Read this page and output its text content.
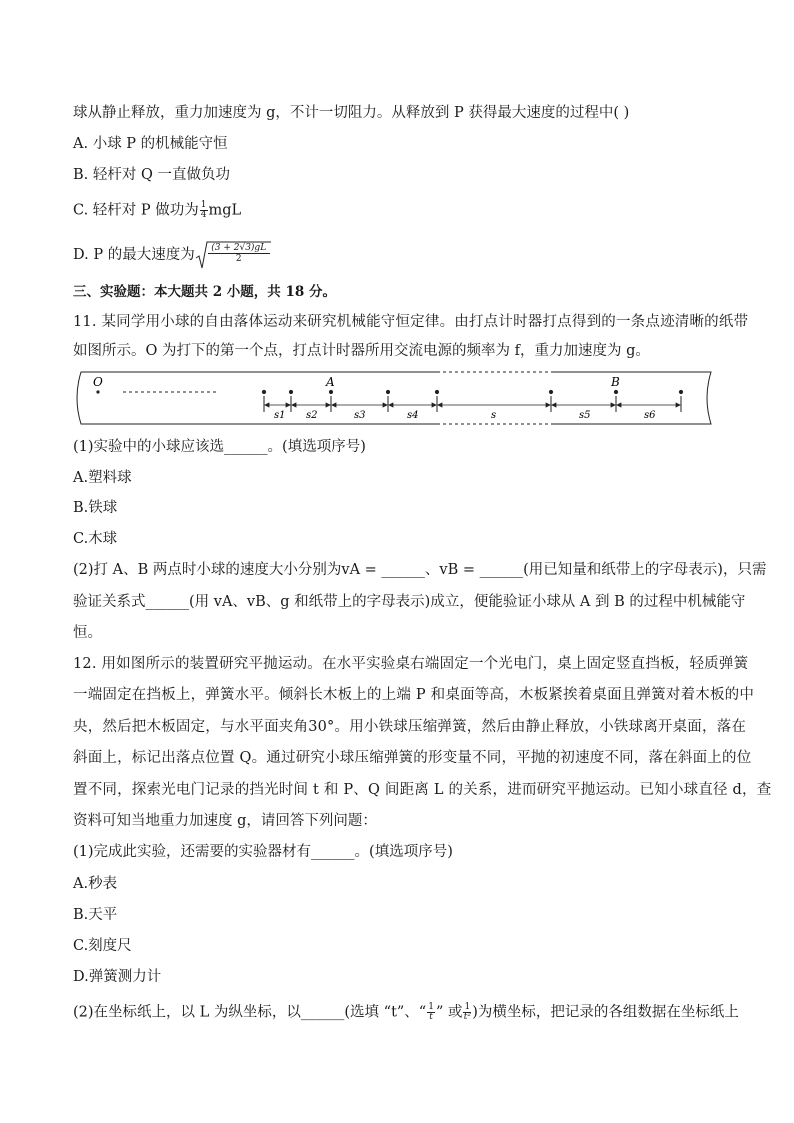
球从静止释放，重力加速度为 g，不计一切阻力。从释放到 P 获得最大速度的过程中( )
A. 小球 P 的机械能守恒
B. 轻杆对 Q 一直做负功
C. 轻杆对 P 做功为 $\frac{1}{4}$ mgL
D. P 的最大速度为 $\frac{(3 + 2√3)gL}{2}$
三、实验题：本大题共 2 小题，共 18 分。
11. 某同学用小球的自由落体运动来研究机械能守恒定律。由打点计时器打点得到的一条点迹清晰的纸带
如图所示。O 为打下的第一个点，打点计时器所用交流电源的频率为 f，重力加速度为 g。
O	A	B
s1 s2	s3	s4	s	s5	s6
(1)实验中的小球应该选______。(填选项序号)
A.塑料球
B.铁球
C.木球
(2)打 A、B 两点时小球的速度大小分别为vA = ______、vB = ______(用已知量和纸带上的字母表示)，只需
验证关系式______(用 vA、vB、g 和纸带上的字母表示)成立，便能验证小球从 A 到 B 的过程中机械能守
恒。
12. 用如图所示的装置研究平抛运动。在水平实验桌右端固定一个光电门，桌上固定竖直挡板，轻质弹簧
一端固定在挡板上，弹簧水平。倾斜长木板上的上端 P 和桌面等高，木板紧挨着桌面且弹簧对着木板的中
央，然后把木板固定，与水平面夹角30°。用小铁球压缩弹簧，然后由静止释放，小铁球离开桌面，落在
斜面上，标记出落点位置 Q。通过研究小球压缩弹簧的形变量不同，平抛的初速度不同，落在斜面上的位
置不同，探索光电门记录的挡光时间 t 和 P、Q 间距离 L 的关系，进而研究平抛运动。已知小球直径 d，查
资料可知当地重力加速度 g，请回答下列问题：
(1)完成此实验，还需要的实验器材有______。(填选项序号)
A.秒表
B.天平
C.刻度尺
D.弹簧测力计
(2)在坐标纸上，以 L 为纵坐标，以______(选填 “t”、“ $\frac{1}{t}$ ” 或 $\frac{1}{\text{t²}}$ )为横坐标，把记录的各组数据在坐标纸上
